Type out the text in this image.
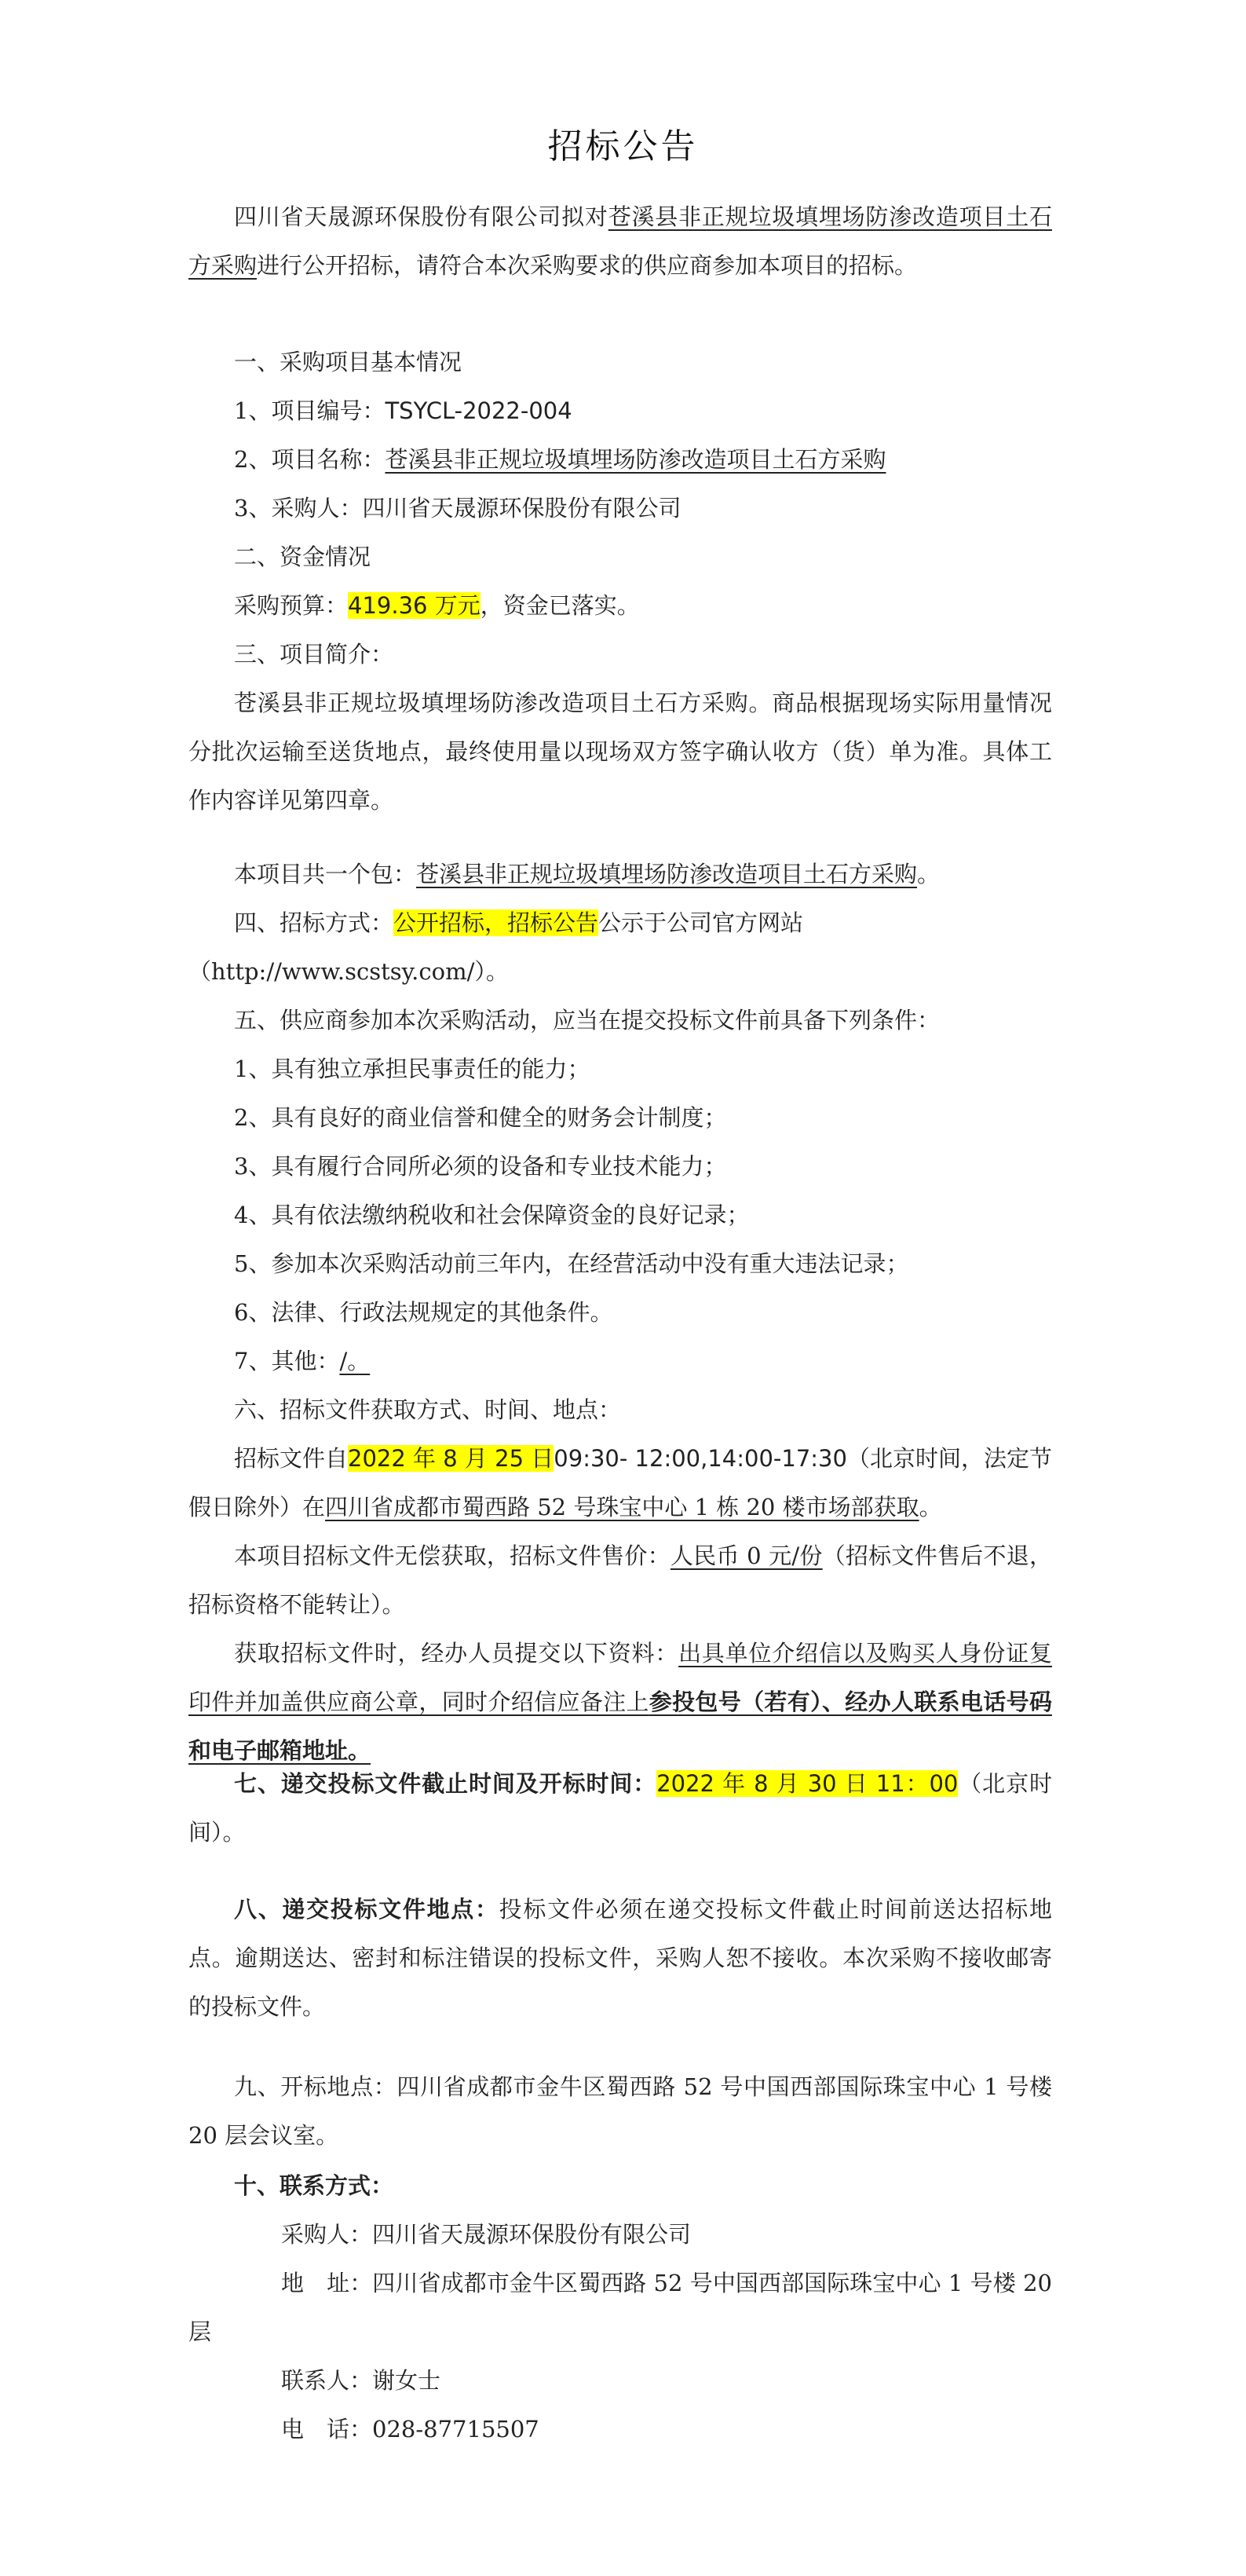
招标公告
四川省天晟源环保股份有限公司拟对苍溪县非正规垃圾填埋场防渗改造项目土石方采购进行公开招标，请符合本次采购要求的供应商参加本项目的招标。
一、采购项目基本情况
1、项目编号：TSYCL-2022-004
2、项目名称：苍溪县非正规垃圾填埋场防渗改造项目土石方采购
3、采购人：四川省天晟源环保股份有限公司
二、资金情况
采购预算：419.36 万元，资金已落实。
三、项目简介：
苍溪县非正规垃圾填埋场防渗改造项目土石方采购。商品根据现场实际用量情况分批次运输至送货地点，最终使用量以现场双方签字确认收方（货）单为准。具体工作内容详见第四章。
本项目共一个包：苍溪县非正规垃圾填埋场防渗改造项目土石方采购。
四、招标方式：公开招标，招标公告公示于公司官方网站
（http://www.scstsy.com/）。
五、供应商参加本次采购活动，应当在提交投标文件前具备下列条件：
1、具有独立承担民事责任的能力；
2、具有良好的商业信誉和健全的财务会计制度；
3、具有履行合同所必须的设备和专业技术能力；
4、具有依法缴纳税收和社会保障资金的良好记录；
5、参加本次采购活动前三年内，在经营活动中没有重大违法记录；
6、法律、行政法规规定的其他条件。
7、其他：/。
六、招标文件获取方式、时间、地点：
招标文件自2022 年 8 月 25 日09:30- 12:00,14:00-17:30（北京时间，法定节假日除外）在四川省成都市蜀西路 52 号珠宝中心 1 栋 20 楼市场部获取。
本项目招标文件无偿获取，招标文件售价：人民币 0 元/份（招标文件售后不退，招标资格不能转让）。
获取招标文件时，经办人员提交以下资料：出具单位介绍信以及购买人身份证复印件并加盖供应商公章，同时介绍信应备注上参投包号（若有）、经办人联系电话号码和电子邮箱地址。
七、递交投标文件截止时间及开标时间：2022 年 8 月 30 日 11：00（北京时间）。
八、递交投标文件地点：投标文件必须在递交投标文件截止时间前送达招标地点。逾期送达、密封和标注错误的投标文件，采购人恕不接收。本次采购不接收邮寄的投标文件。
九、开标地点：四川省成都市金牛区蜀西路 52 号中国西部国际珠宝中心 1 号楼 20 层会议室。
十、联系方式：
采购人：四川省天晟源环保股份有限公司
地　址：四川省成都市金牛区蜀西路 52 号中国西部国际珠宝中心 1 号楼 20 层
联系人：谢女士
电　话：028-87715507
